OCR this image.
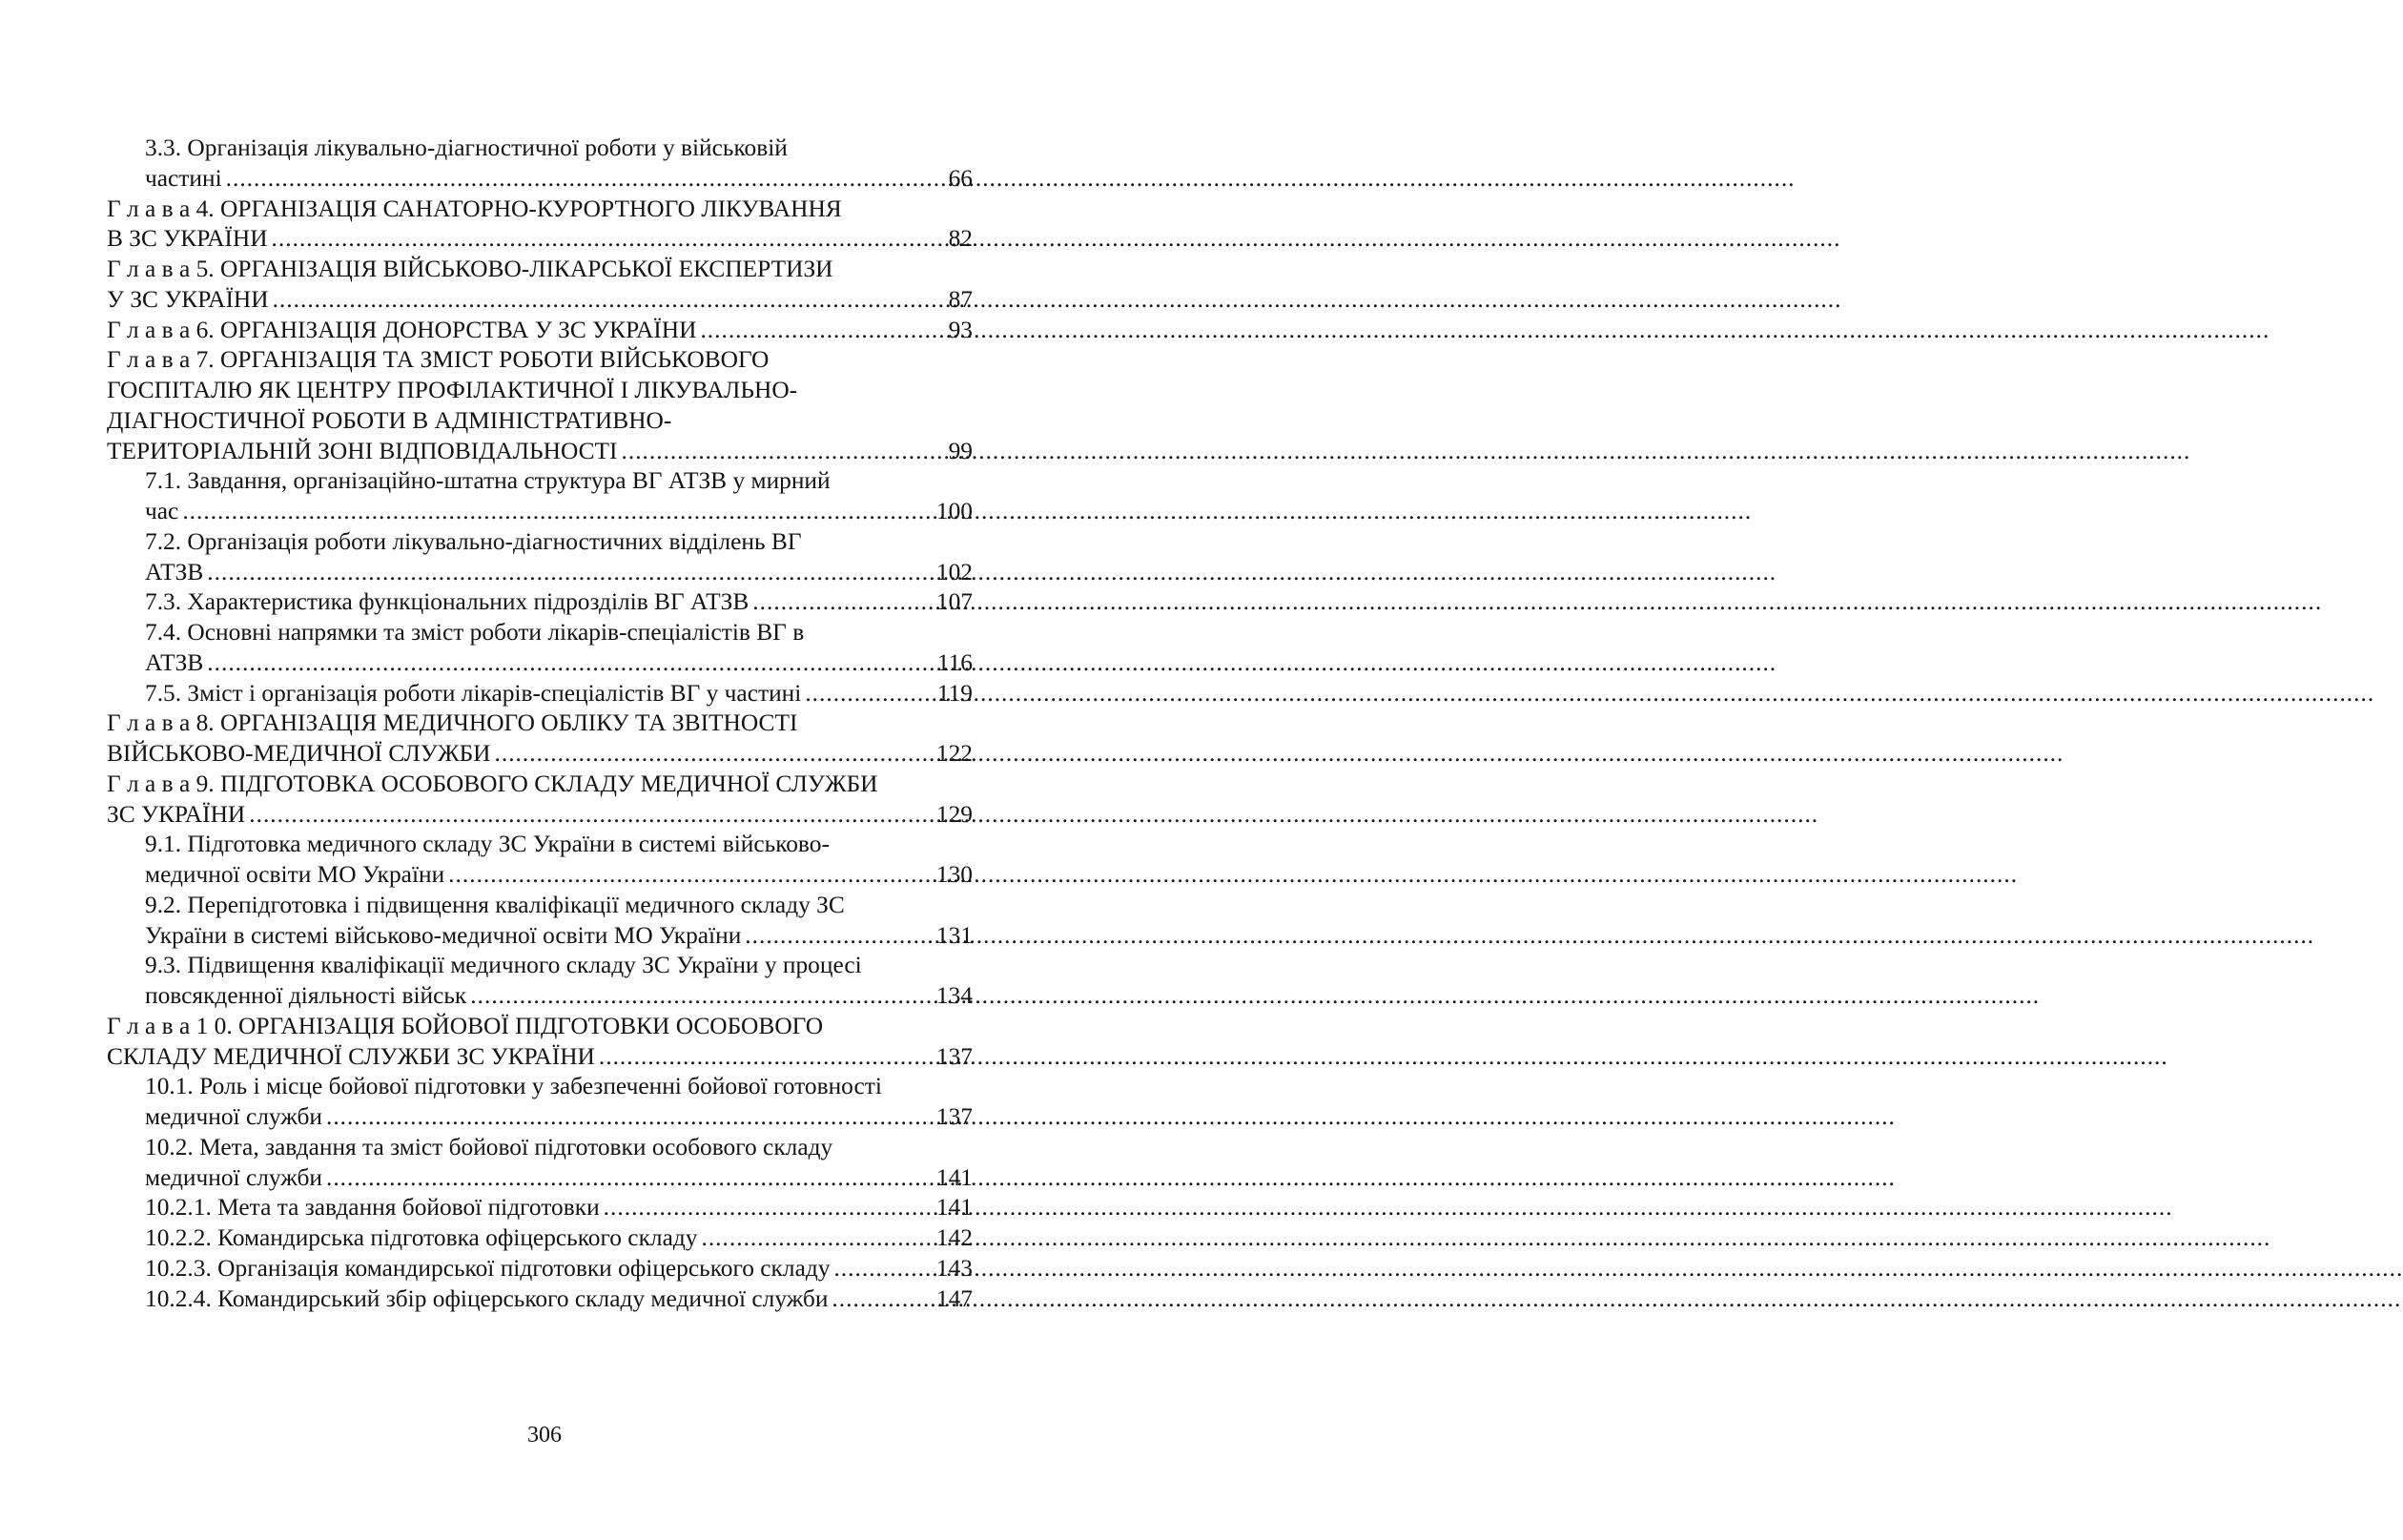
3.3. Організація лікувально-діагностичної роботи у військовій
частині .....	66
Г л а в а 4. ОРГАНІЗАЦІЯ САНАТОРНО-КУРОРТНОГО ЛІКУВАННЯ
В ЗС УКРАЇНИ .....	82
Г л а в а 5. ОРГАНІЗАЦІЯ ВІЙСЬКОВО-ЛІКАРСЬКОЇ ЕКСПЕРТИЗИ
У ЗС УКРАЇНИ .....	87
Г л а в а 6. ОРГАНІЗАЦІЯ ДОНОРСТВА У ЗС УКРАЇНИ .....	93
Г л а в а 7. ОРГАНІЗАЦІЯ ТА ЗМІСТ РОБОТИ ВІЙСЬКОВОГО
ГОСПІТАЛЮ ЯК ЦЕНТРУ ПРОФІЛАКТИЧНОЇ І ЛІКУВАЛЬНО-
ДІАГНОСТИЧНОЇ РОБОТИ В АДМІНІСТРАТИВНО-
ТЕРИТОРІАЛЬНІЙ ЗОНІ ВІДПОВІДАЛЬНОСТІ .....	99
7.1. Завдання, організаційно-штатна структура ВГ АТЗВ у мирний
час .....	100
7.2. Організація роботи лікувально-діагностичних відділень ВГ
АТЗВ .....	102
7.3. Характеристика функціональних підрозділів ВГ АТЗВ .....	107
7.4. Основні напрямки та зміст роботи лікарів-спеціалістів ВГ в
АТЗВ .....	116
7.5. Зміст і організація роботи лікарів-спеціалістів ВГ у частині .....	119
Г л а в а 8. ОРГАНІЗАЦІЯ МЕДИЧНОГО ОБЛІКУ ТА ЗВІТНОСТІ
ВІЙСЬКОВО-МЕДИЧНОЇ СЛУЖБИ .....	122
Г л а в а 9. ПІДГОТОВКА ОСОБОВОГО СКЛАДУ МЕДИЧНОЇ СЛУЖБИ
ЗС УКРАЇНИ .....	129
9.1. Підготовка медичного складу ЗС України в системі військово-
медичної освіти МО України .....	130
9.2. Перепідготовка і підвищення кваліфікації медичного складу ЗС
України в системі військово-медичної освіти МО України .....	131
9.3. Підвищення кваліфікації медичного складу ЗС України у процесі
повсякденної діяльності військ .....	134
Г л а в а 1 0. ОРГАНІЗАЦІЯ БОЙОВОЇ ПІДГОТОВКИ ОСОБОВОГО
СКЛАДУ МЕДИЧНОЇ СЛУЖБИ ЗС УКРАЇНИ .....	137
10.1. Роль і місце бойової підготовки у забезпеченні бойової готовності
медичної служби .....	137
10.2. Мета, завдання та зміст бойової підготовки особового складу
медичної служби .....	141
10.2.1. Мета та завдання бойової підготовки .....	141
10.2.2. Командирська підготовка офіцерського складу .....	142
10.2.3. Організація командирської підготовки офіцерського складу .....	143
10.2.4. Командирський збір офіцерського складу медичної служби .....	147
306
